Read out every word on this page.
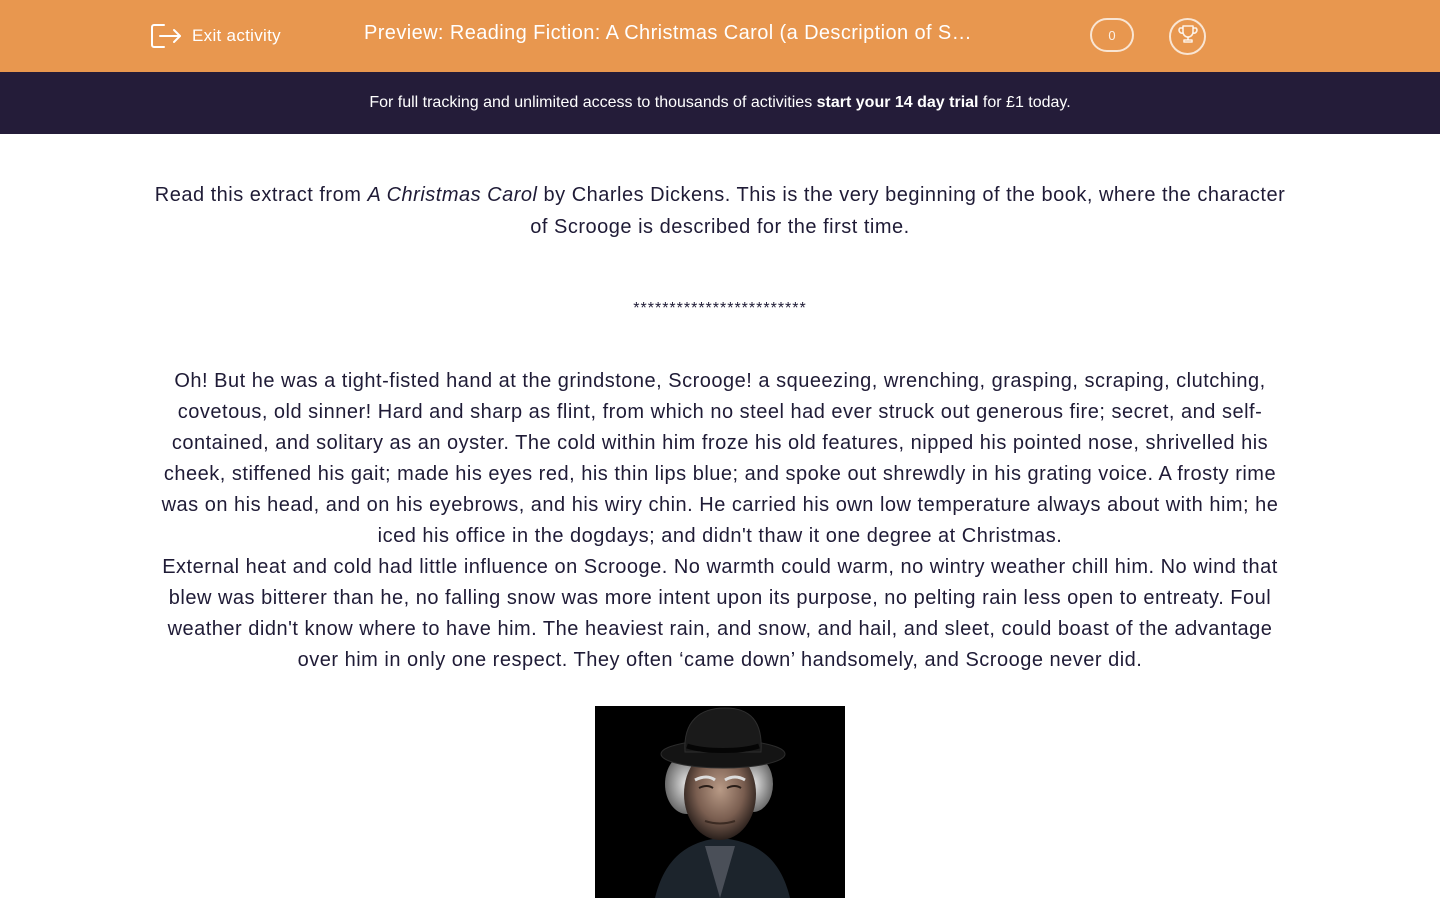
Exit activity	Preview: Reading Fiction: A Christmas Carol (a Description of S…	0
For full tracking and unlimited access to thousands of activities start your 14 day trial for £1 today.
Read this extract from A Christmas Carol by Charles Dickens. This is the very beginning of the book, where the character of Scrooge is described for the first time.
************************

Oh! But he was a tight-fisted hand at the grindstone, Scrooge! a squeezing, wrenching, grasping, scraping, clutching, covetous, old sinner! Hard and sharp as flint, from which no steel had ever struck out generous fire; secret, and self-contained, and solitary as an oyster. The cold within him froze his old features, nipped his pointed nose, shrivelled his cheek, stiffened his gait; made his eyes red, his thin lips blue; and spoke out shrewdly in his grating voice. A frosty rime was on his head, and on his eyebrows, and his wiry chin. He carried his own low temperature always about with him; he iced his office in the dogdays; and didn't thaw it one degree at Christmas.

External heat and cold had little influence on Scrooge. No warmth could warm, no wintry weather chill him. No wind that blew was bitterer than he, no falling snow was more intent upon its purpose, no pelting rain less open to entreaty. Foul weather didn't know where to have him. The heaviest rain, and snow, and hail, and sleet, could boast of the advantage over him in only one respect. They often ‘came down’ handsomely, and Scrooge never did.
